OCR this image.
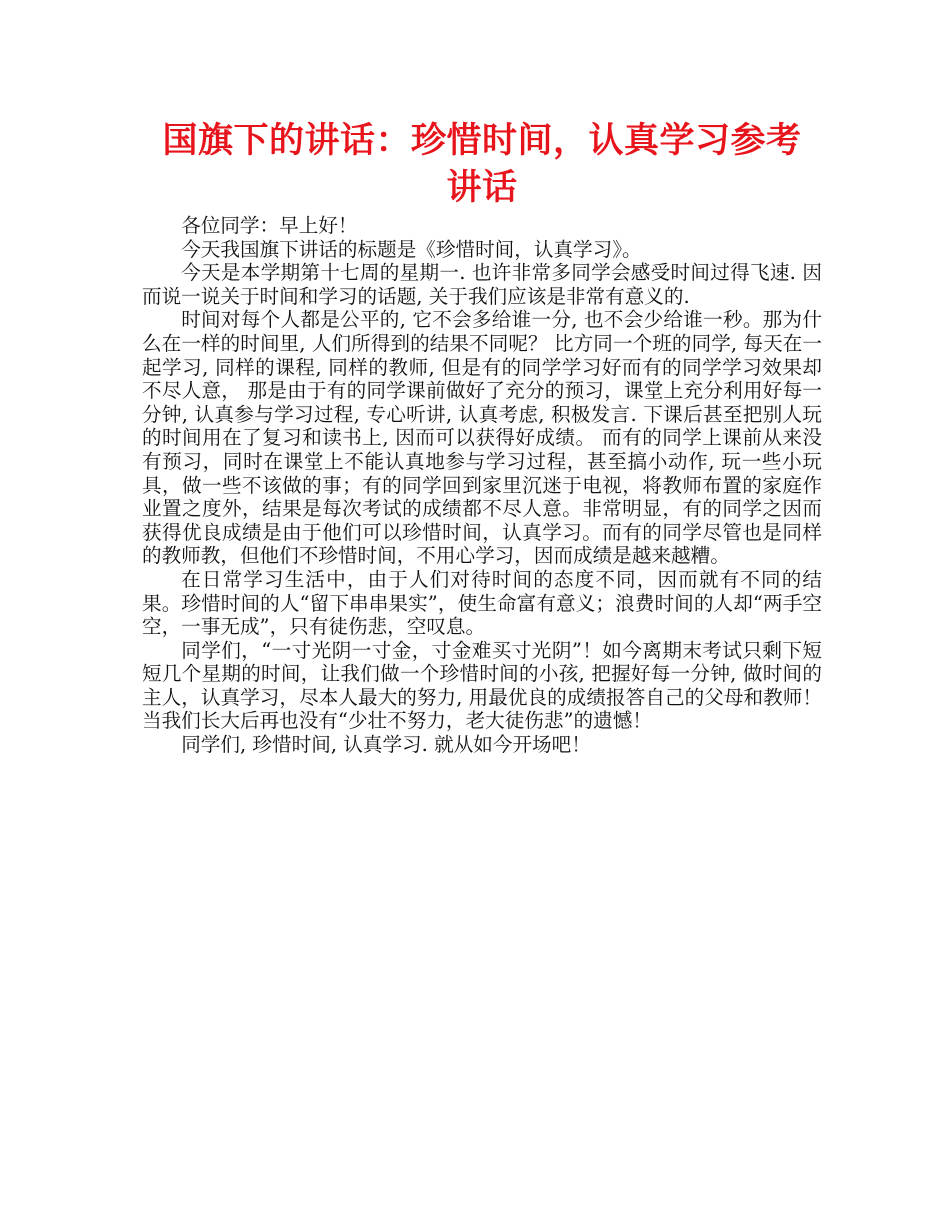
国旗下的讲话：珍惜时间，认真学习参考讲话

各位同学：早上好！

今天我国旗下讲话的标题是《珍惜时间，认真学习》。

今天是本学期第十七周的星期一. 也许非常多同学会感受时间过得飞速. 因而说一说关于时间和学习的话题, 关于我们应该是非常有意义的.

时间对每个人都是公平的, 它不会多给谁一分, 也不会少给谁一秒。那为什么在一样的时间里, 人们所得到的结果不同呢？ 比方同一个班的同学, 每天在一起学习, 同样的课程, 同样的教师, 但是有的同学学习好而有的同学学习效果却不尽人意， 那是由于有的同学课前做好了充分的预习，课堂上充分利用好每一分钟, 认真参与学习过程, 专心听讲, 认真考虑, 积极发言. 下课后甚至把别人玩的时间用在了复习和读书上, 因而可以获得好成绩。 而有的同学上课前从来没有预习，同时在课堂上不能认真地参与学习过程，甚至搞小动作, 玩一些小玩具，做一些不该做的事；有的同学回到家里沉迷于电视，将教师布置的家庭作业置之度外，结果是每次考试的成绩都不尽人意。非常明显，有的同学之因而获得优良成绩是由于他们可以珍惜时间，认真学习。而有的同学尽管也是同样的教师教，但他们不珍惜时间，不用心学习，因而成绩是越来越糟。

在日常学习生活中，由于人们对待时间的态度不同，因而就有不同的结果。珍惜时间的人“留下串串果实”，使生命富有意义；浪费时间的人却“两手空空，一事无成”，只有徒伤悲，空叹息。

同学们，“一寸光阴一寸金，寸金难买寸光阴”！如今离期末考试只剩下短短几个星期的时间，让我们做一个珍惜时间的小孩, 把握好每一分钟, 做时间的主人，认真学习，尽本人最大的努力, 用最优良的成绩报答自己的父母和教师！当我们长大后再也没有“少壮不努力，老大徒伤悲”的遗憾！

同学们, 珍惜时间, 认真学习. 就从如今开场吧！
